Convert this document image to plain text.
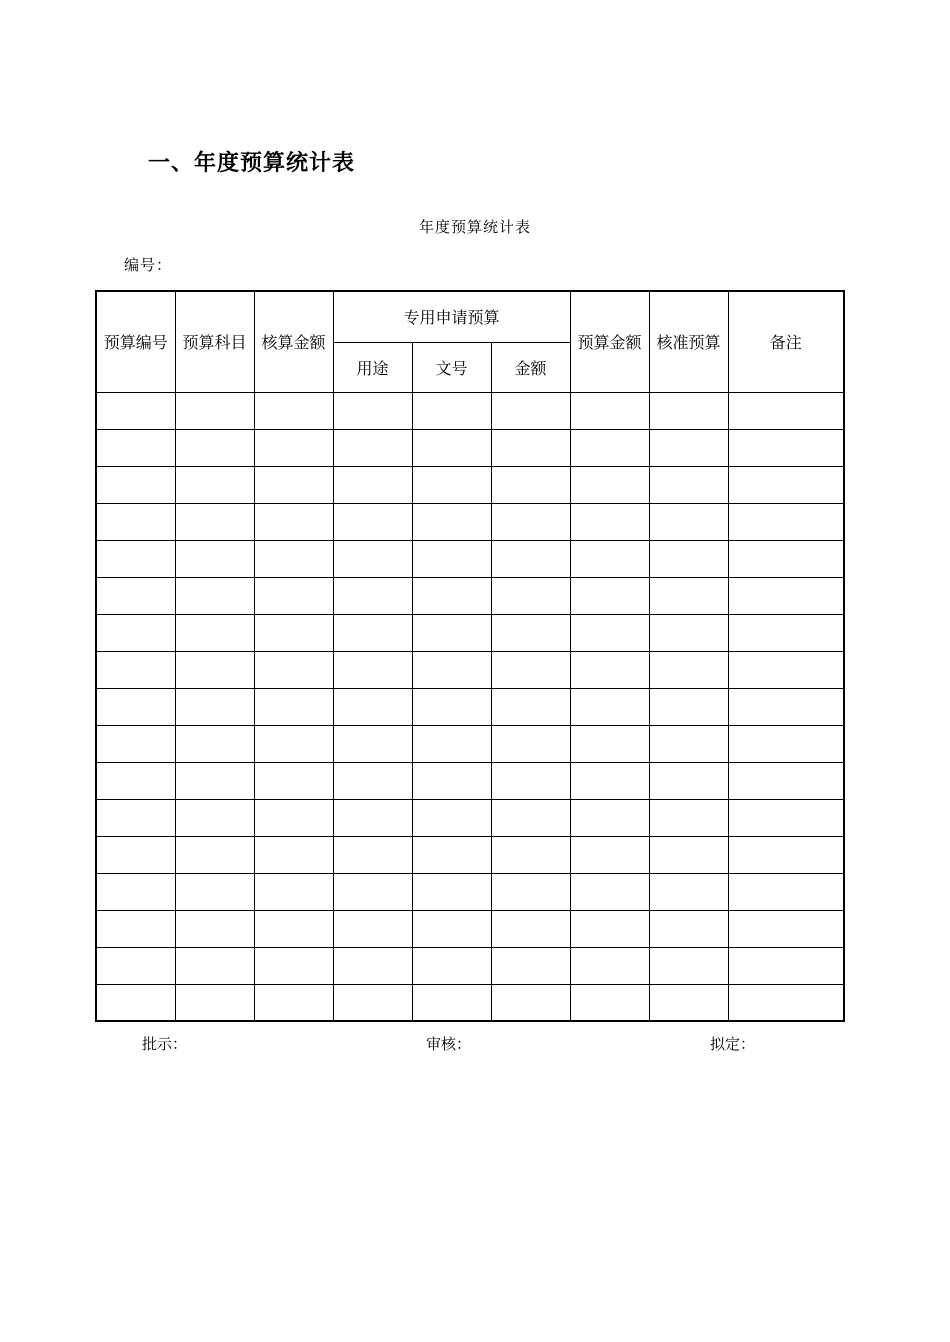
一、年度预算统计表
年度预算统计表
编号：
预算编号	预算科目	核算金额	专用申请预算			预算金额	核准预算	备注
			用途	文号	金额			

批示：	审核：	拟定：
